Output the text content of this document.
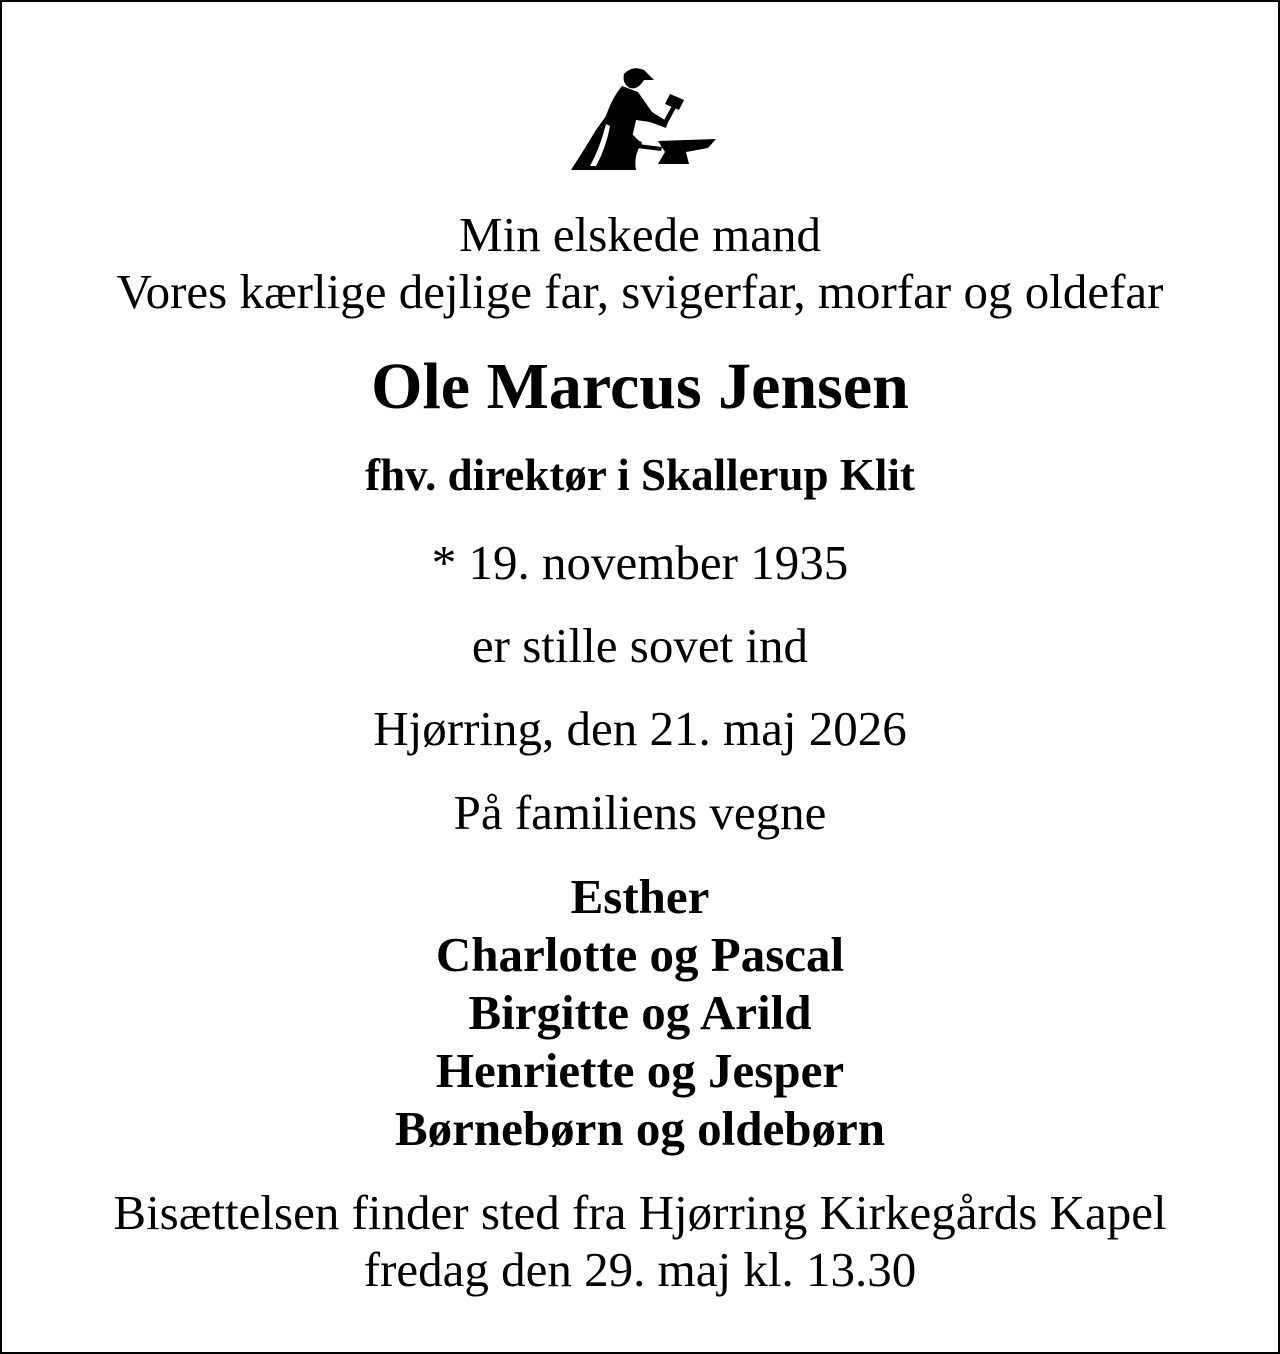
Min elskede mand
Vores kærlige dejlige far, svigerfar, morfar og oldefar
Ole Marcus Jensen
fhv. direktør i Skallerup Klit
* 19. november 1935
er stille sovet ind
Hjørring, den 21. maj 2026
På familiens vegne
Esther
Charlotte og Pascal
Birgitte og Arild
Henriette og Jesper
Børnebørn og oldebørn
Bisættelsen finder sted fra Hjørring Kirkegårds Kapel
fredag den 29. maj kl. 13.30
